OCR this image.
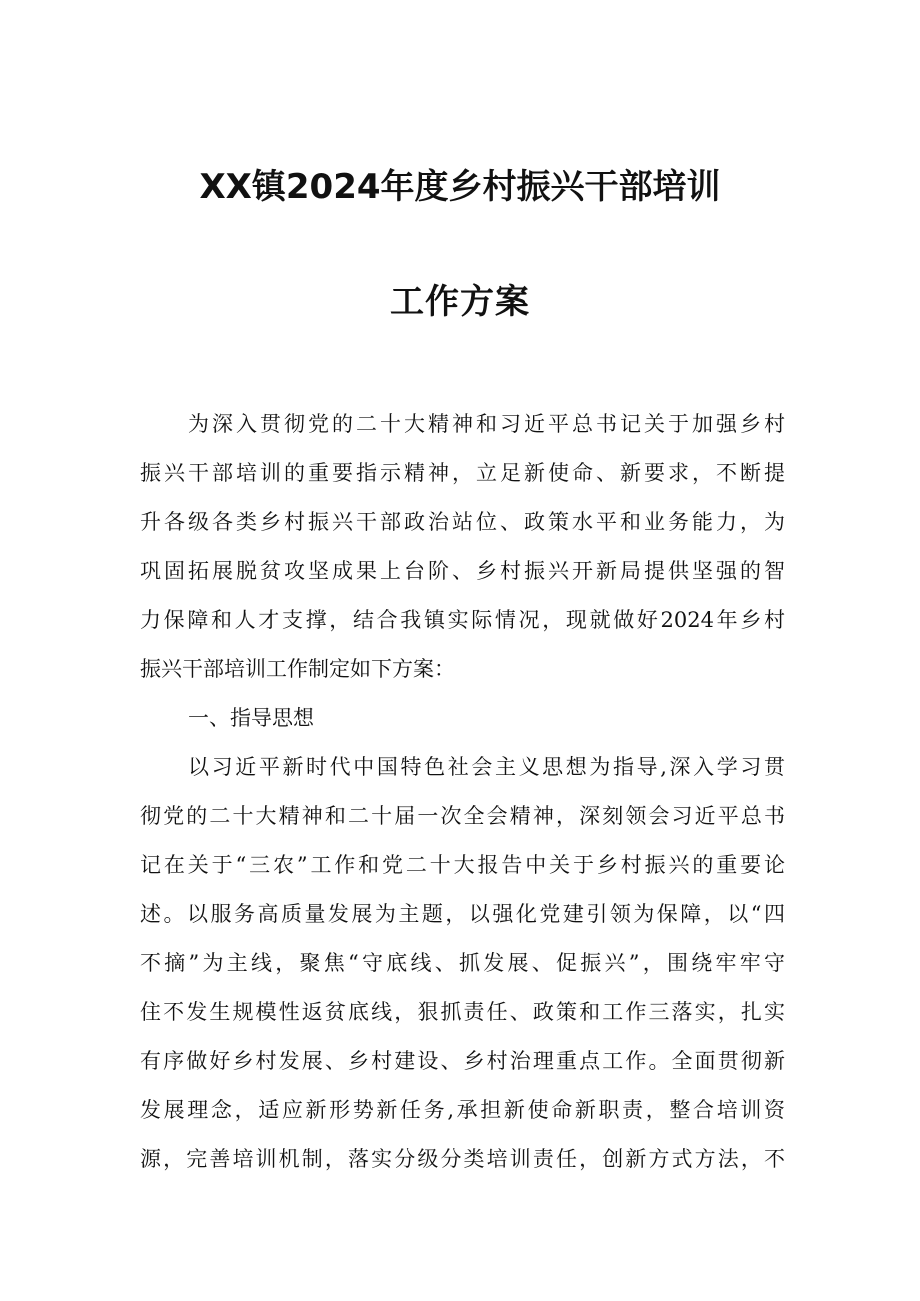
XX镇2024年度乡村振兴干部培训
工作方案
为深入贯彻党的二十大精神和习近平总书记关于加强乡村
振兴干部培训的重要指示精神，立足新使命、新要求，不断提
升各级各类乡村振兴干部政治站位、政策水平和业务能力，为
巩固拓展脱贫攻坚成果上台阶、乡村振兴开新局提供坚强的智
力保障和人才支撑，结合我镇实际情况，现就做好2024年乡村
振兴干部培训工作制定如下方案：
一、指导思想
以习近平新时代中国特色社会主义思想为指导,深入学习贯
彻党的二十大精神和二十届一次全会精神，深刻领会习近平总书
记在关于“三农”工作和党二十大报告中关于乡村振兴的重要论
述。以服务高质量发展为主题，以强化党建引领为保障，以“四
不摘”为主线，聚焦“守底线、抓发展、促振兴”，围绕牢牢守
住不发生规模性返贫底线，狠抓责任、政策和工作三落实，扎实
有序做好乡村发展、乡村建设、乡村治理重点工作。全面贯彻新
发展理念，适应新形势新任务,承担新使命新职责，整合培训资
源，完善培训机制，落实分级分类培训责任，创新方式方法，不
